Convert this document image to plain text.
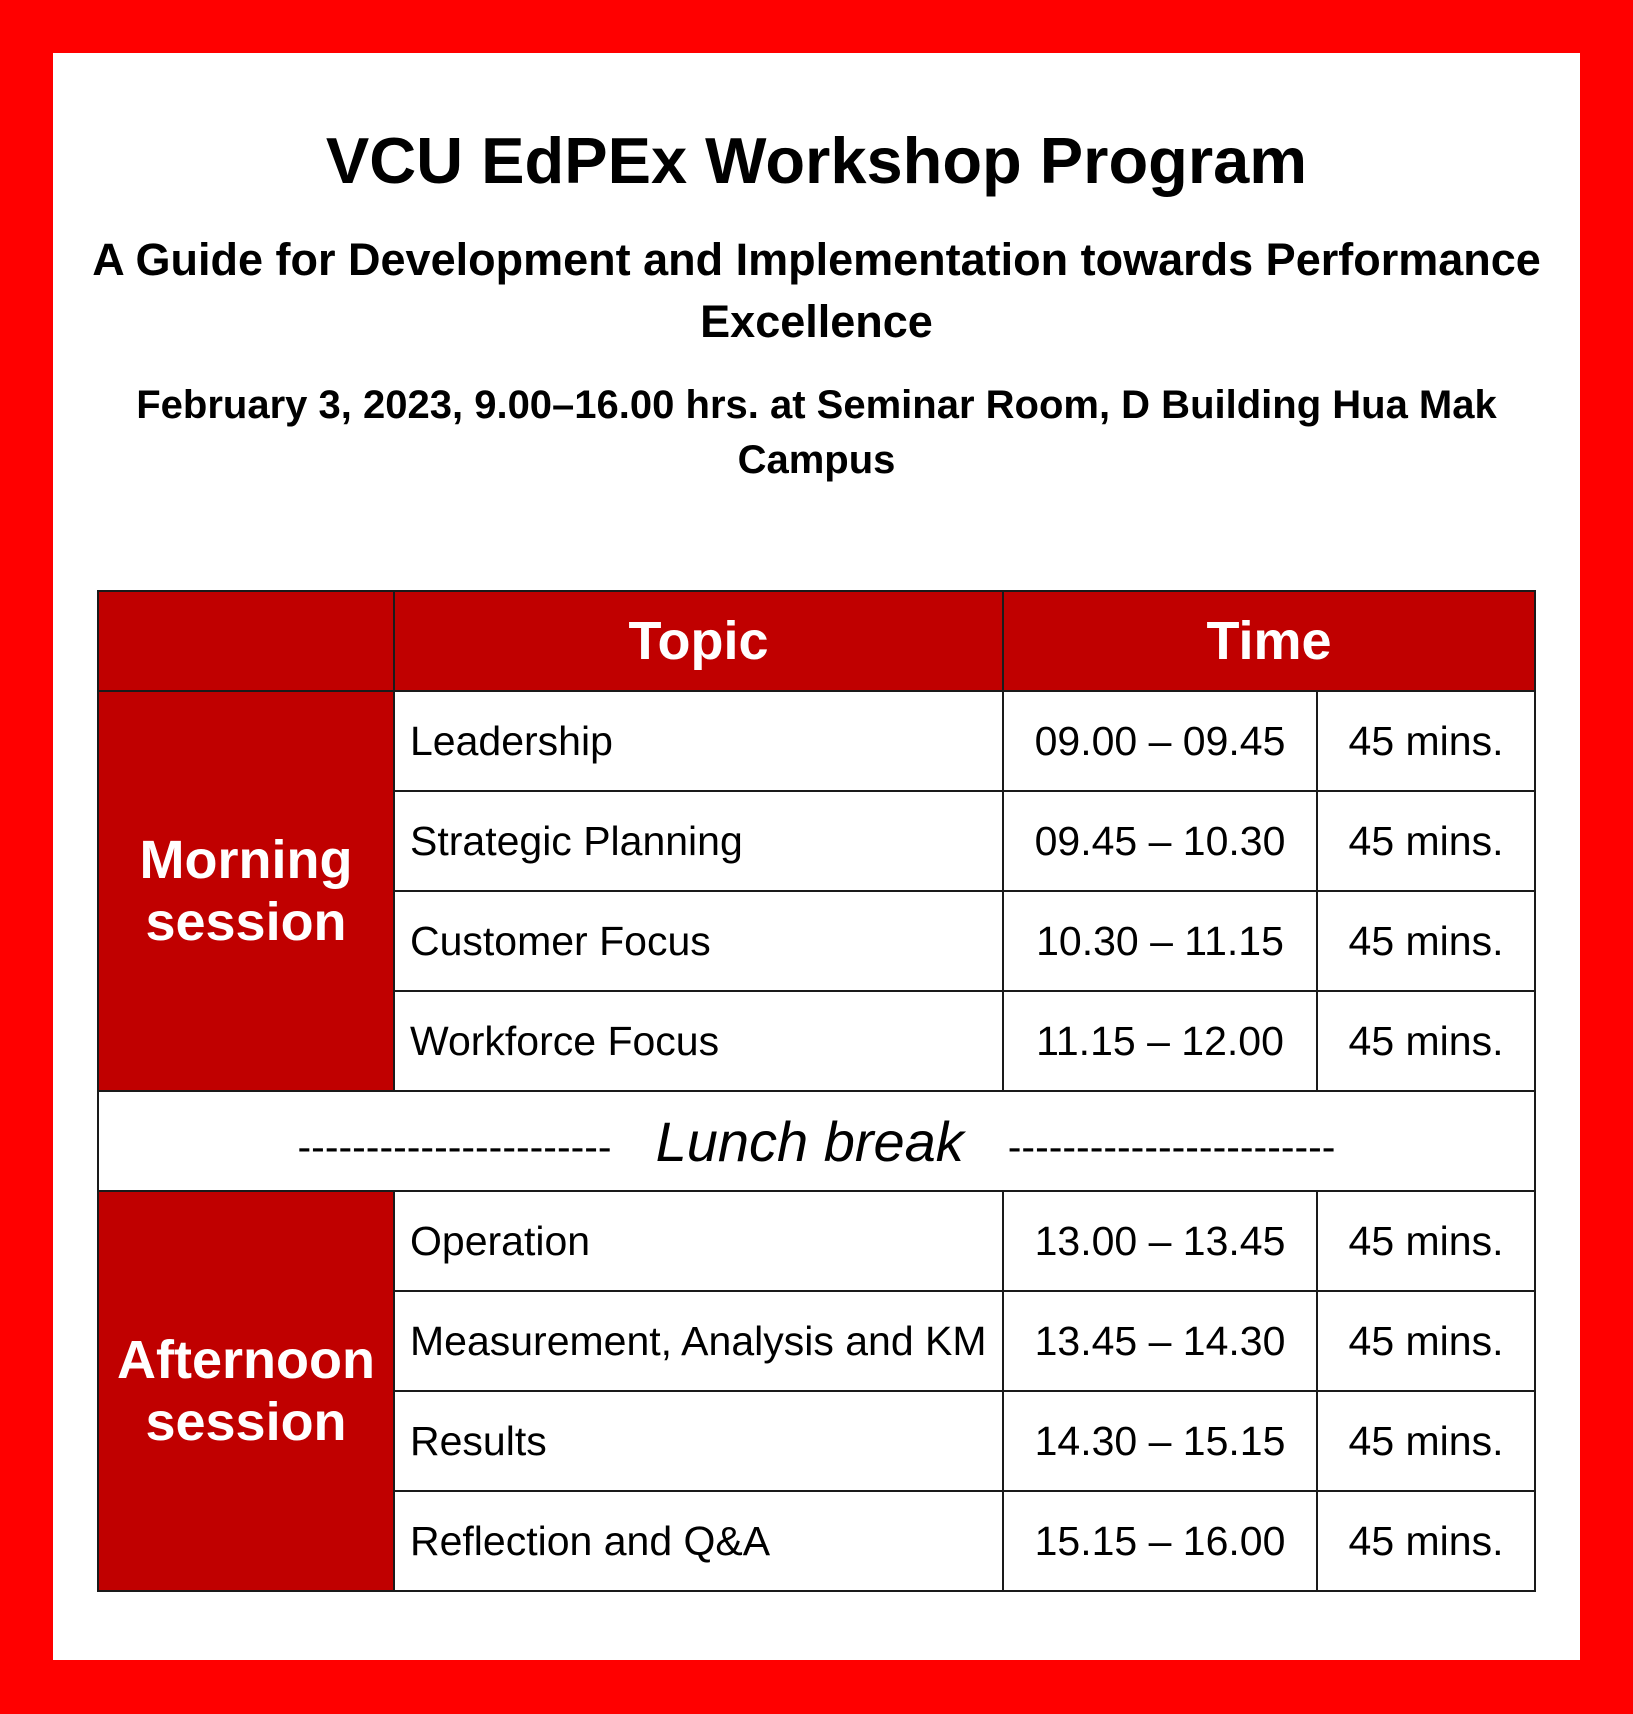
VCU EdPEx Workshop Program
A Guide for Development and Implementation towards Performance Excellence
February 3, 2023, 9.00–16.00 hrs. at Seminar Room, D Building Hua Mak Campus
	Topic	Time	
Morning session	Leadership	09.00 – 09.45	45 mins.
	Strategic Planning	09.45 – 10.30	45 mins.
	Customer Focus	10.30 – 11.15	45 mins.
	Workforce Focus	11.15 – 12.00	45 mins.
----------------------- Lunch break ------------------------			
Afternoon session	Operation	13.00 – 13.45	45 mins.
	Measurement, Analysis and KM	13.45 – 14.30	45 mins.
	Results	14.30 – 15.15	45 mins.
	Reflection and Q&A	15.15 – 16.00	45 mins.
